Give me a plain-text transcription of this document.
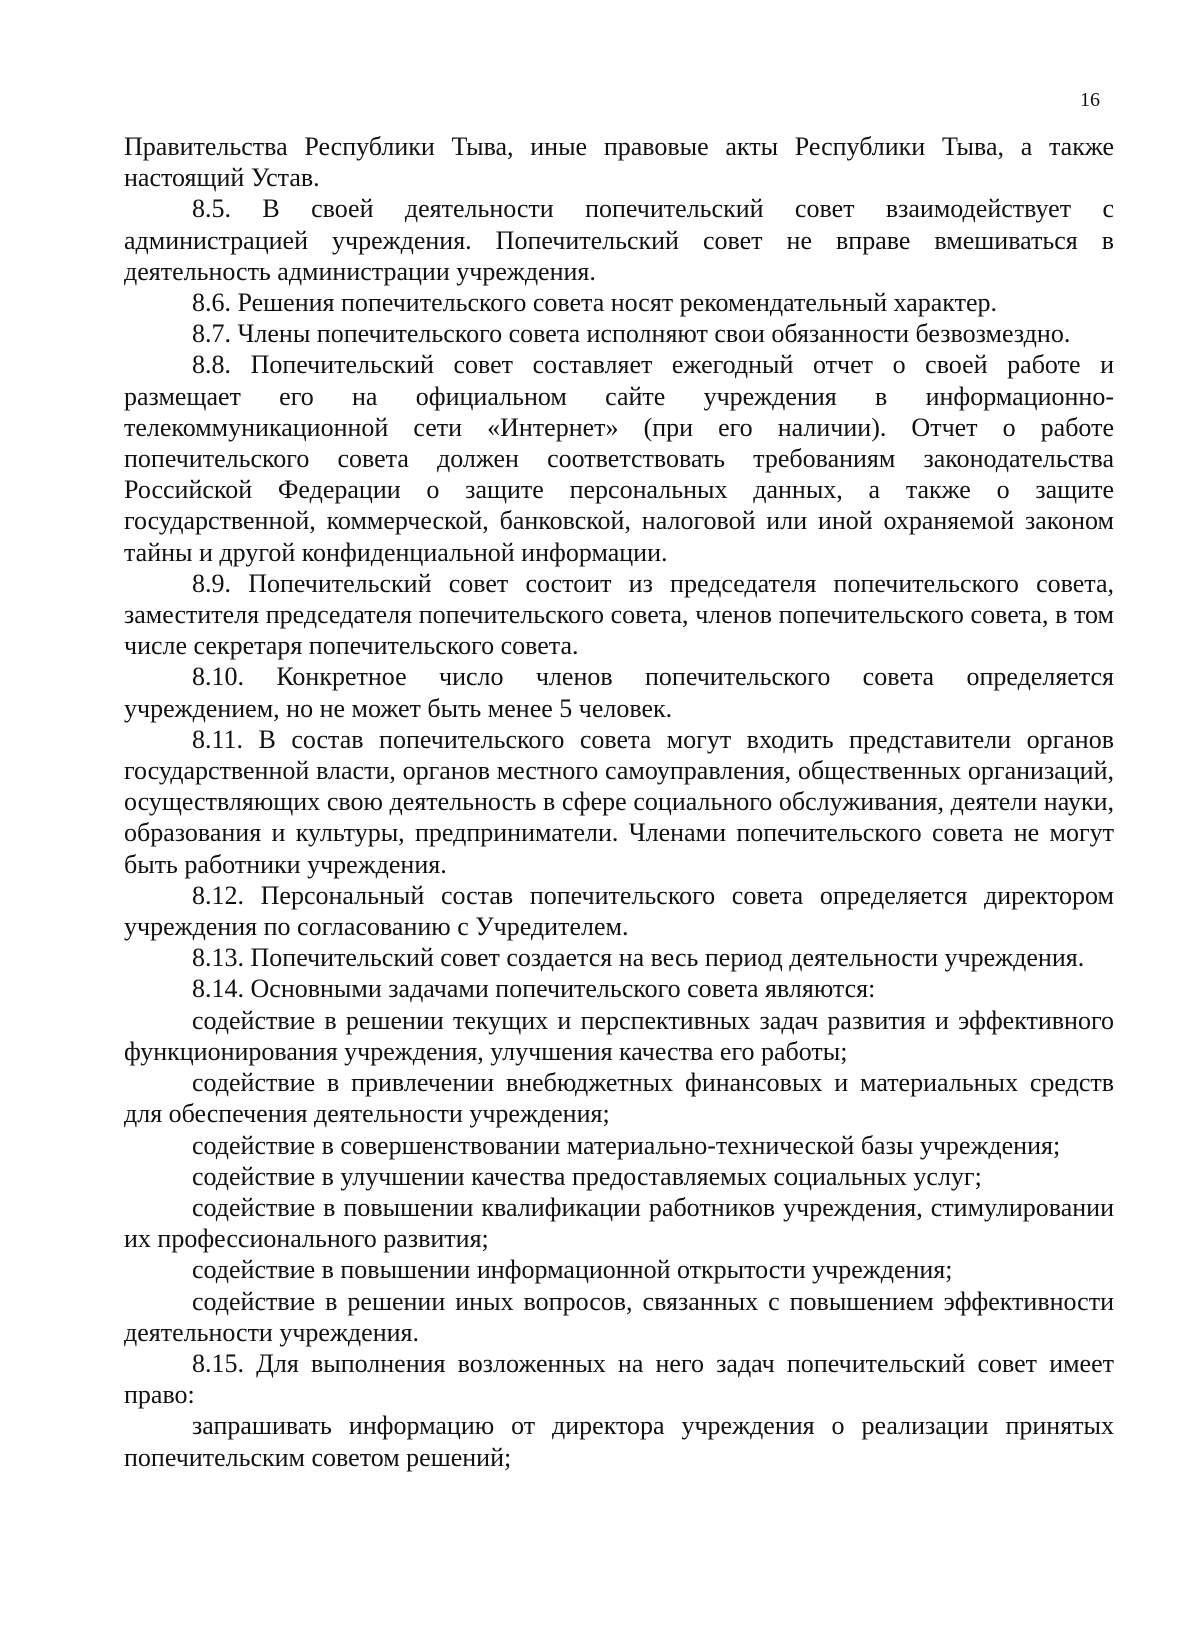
16

Правительства Республики Тыва, иные правовые акты Республики Тыва, а также настоящий Устав.

8.5. В своей деятельности попечительский совет взаимодействует с администрацией учреждения. Попечительский совет не вправе вмешиваться в деятельность администрации учреждения.

8.6. Решения попечительского совета носят рекомендательный характер.

8.7. Члены попечительского совета исполняют свои обязанности безвозмездно.

8.8. Попечительский совет составляет ежегодный отчет о своей работе и размещает его на официальном сайте учреждения в информационно-телекоммуникационной сети «Интернет» (при его наличии). Отчет о работе попечительского совета должен соответствовать требованиям законодательства Российской Федерации о защите персональных данных, а также о защите государственной, коммерческой, банковской, налоговой или иной охраняемой законом тайны и другой конфиденциальной информации.

8.9. Попечительский совет состоит из председателя попечительского совета, заместителя председателя попечительского совета, членов попечительского совета, в том числе секретаря попечительского совета.

8.10. Конкретное число членов попечительского совета определяется учреждением, но не может быть менее 5 человек.

8.11. В состав попечительского совета могут входить представители органов государственной власти, органов местного самоуправления, общественных организаций, осуществляющих свою деятельность в сфере социального обслуживания, деятели науки, образования и культуры, предприниматели. Членами попечительского совета не могут быть работники учреждения.

8.12. Персональный состав попечительского совета определяется директором учреждения по согласованию с Учредителем.

8.13. Попечительский совет создается на весь период деятельности учреждения.

8.14. Основными задачами попечительского совета являются:

содействие в решении текущих и перспективных задач развития и эффективного функционирования учреждения, улучшения качества его работы;

содействие в привлечении внебюджетных финансовых и материальных средств для обеспечения деятельности учреждения;

содействие в совершенствовании материально-технической базы учреждения;

содействие в улучшении качества предоставляемых социальных услуг;

содействие в повышении квалификации работников учреждения, стимулировании их профессионального развития;

содействие в повышении информационной открытости учреждения;

содействие в решении иных вопросов, связанных с повышением эффективности деятельности учреждения.

8.15. Для выполнения возложенных на него задач попечительский совет имеет право:

запрашивать информацию от директора учреждения о реализации принятых попечительским советом решений;
